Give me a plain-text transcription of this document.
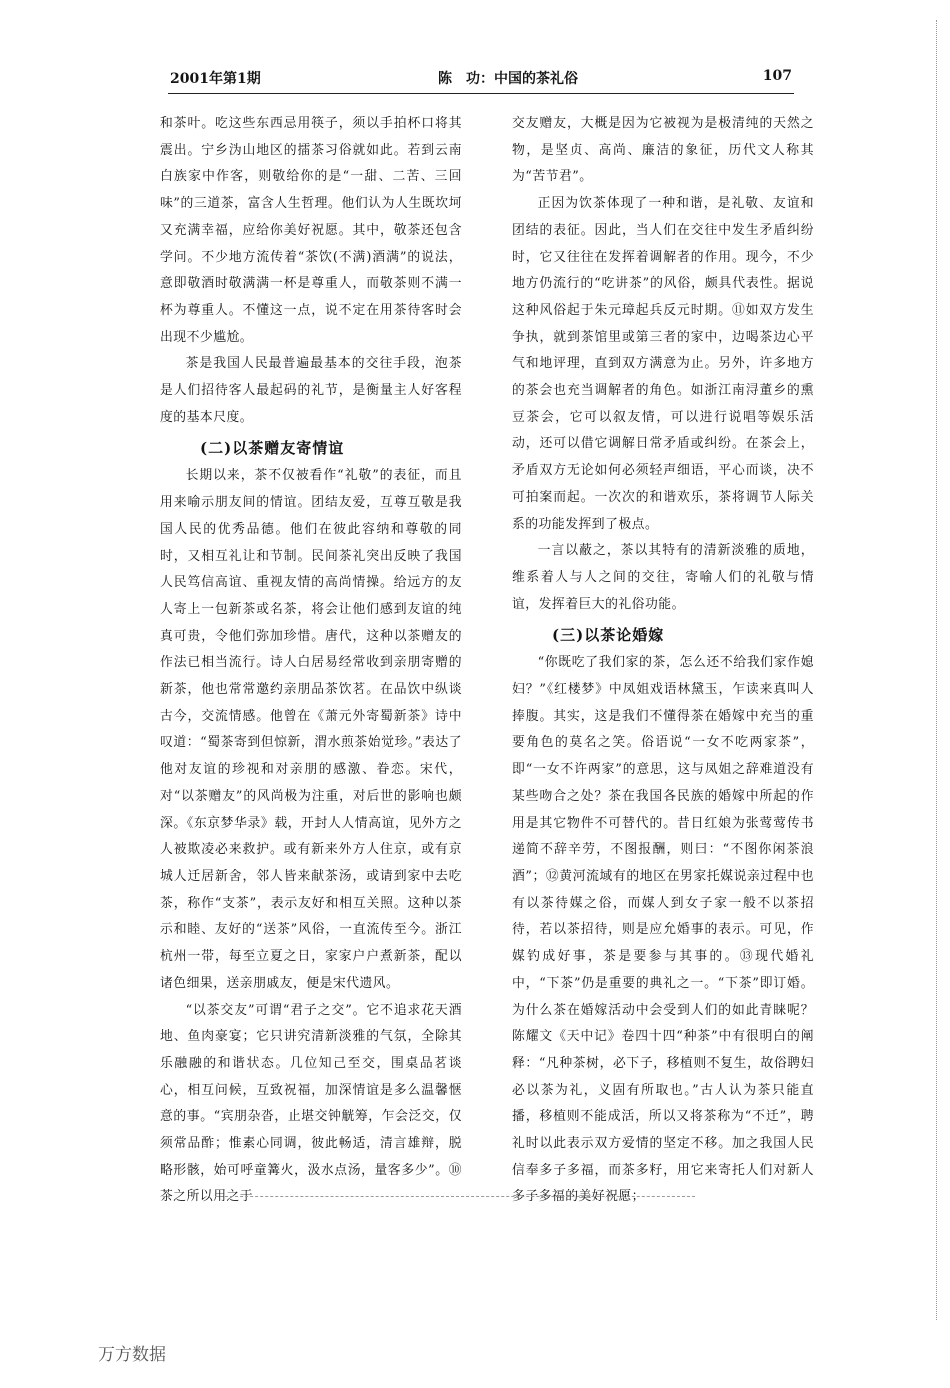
2001年第1期	陈　功：中国的茶礼俗	107

和茶叶。吃这些东西忌用筷子，须以手拍杯口将其震出。宁乡沩山地区的擂茶习俗就如此。若到云南白族家中作客，则敬给你的是“一甜、二苦、三回味”的三道茶，富含人生哲理。他们认为人生既坎坷又充满幸福，应给你美好祝愿。其中，敬茶还包含学问。不少地方流传着“茶饮(不满)酒满”的说法，意即敬酒时敬满满一杯是尊重人，而敬茶则不满一杯为尊重人。不懂这一点，说不定在用茶待客时会出现不少尴尬。

茶是我国人民最普遍最基本的交往手段，泡茶是人们招待客人最起码的礼节，是衡量主人好客程度的基本尺度。

(二)以茶赠友寄情谊

长期以来，茶不仅被看作“礼敬”的表征，而且用来喻示朋友间的情谊。团结友爱，互尊互敬是我国人民的优秀品德。他们在彼此容纳和尊敬的同时，又相互礼让和节制。民间茶礼突出反映了我国人民笃信高谊、重视友情的高尚情操。给远方的友人寄上一包新茶或名茶，将会让他们感到友谊的纯真可贵，令他们弥加珍惜。唐代，这种以茶赠友的作法已相当流行。诗人白居易经常收到亲朋寄赠的新茶，他也常常邀约亲朋品茶饮茗。在品饮中纵谈古今，交流情感。他曾在《萧元外寄蜀新茶》诗中叹道：“蜀茶寄到但惊新，渭水煎茶始觉珍。”表达了他对友谊的珍视和对亲朋的感激、眷恋。宋代，对“以茶赠友”的风尚极为注重，对后世的影响也颇深。《东京梦华录》载，开封人人情高谊，见外方之人被欺凌必来救护。或有新来外方人住京，或有京城人迁居新舍，邻人皆来献茶汤，或请到家中去吃茶，称作“支茶”，表示友好和相互关照。这种以茶示和睦、友好的“送茶”风俗，一直流传至今。浙江杭州一带，每至立夏之日，家家户户煮新茶，配以诸色细果，送亲朋戚友，便是宋代遗风。

“以茶交友”可谓“君子之交”。它不追求花天酒地、鱼肉豪宴；它只讲究清新淡雅的气氛，全除其乐融融的和谐状态。几位知己至交，围桌品茗谈心，相互问候，互致祝福，加深情谊是多么温馨惬意的事。“宾朋杂沓，止堪交钟觥筹，乍会泛交，仅须常品酢；惟素心同调，彼此畅适，清言雄辩，脱略形骸，始可呼童篝火，汲水点汤，量客多少”。⑩茶之所以用之于

交友赠友，大概是因为它被视为是极清纯的天然之物，是坚贞、高尚、廉洁的象征，历代文人称其为“苦节君”。

正因为饮茶体现了一种和谐，是礼敬、友谊和团结的表征。因此，当人们在交往中发生矛盾纠纷时，它又往往在发挥着调解者的作用。现今，不少地方仍流行的“吃讲茶”的风俗，颇具代表性。据说这种风俗起于朱元璋起兵反元时期。⑪如双方发生争执，就到茶馆里或第三者的家中，边喝茶边心平气和地评理，直到双方满意为止。另外，许多地方的茶会也充当调解者的角色。如浙江南浔董乡的熏豆茶会，它可以叙友情，可以进行说唱等娱乐活动，还可以借它调解日常矛盾或纠纷。在茶会上，矛盾双方无论如何必须轻声细语，平心而谈，决不可拍案而起。一次次的和谐欢乐，茶将调节人际关系的功能发挥到了极点。

一言以蔽之，茶以其特有的清新淡雅的质地，维系着人与人之间的交往，寄喻人们的礼敬与情谊，发挥着巨大的礼俗功能。

(三)以茶论婚嫁

“你既吃了我们家的茶，怎么还不给我们家作媳妇？”《红楼梦》中凤姐戏语林黛玉，乍读来真叫人捧腹。其实，这是我们不懂得茶在婚嫁中充当的重要角色的莫名之笑。俗语说“一女不吃两家茶”，即“一女不许两家”的意思，这与凤姐之辞难道没有某些吻合之处？茶在我国各民族的婚嫁中所起的作用是其它物件不可替代的。昔日红娘为张莺莺传书递简不辞辛劳，不图报酬，则曰：“不图你闲茶浪酒”；⑫黄河流域有的地区在男家托媒说亲过程中也有以茶待媒之俗，而媒人到女子家一般不以茶招待，若以茶招待，则是应允婚事的表示。可见，作媒钓成好事，茶是要参与其事的。⑬现代婚礼中，“下茶”仍是重要的典礼之一。“下茶”即订婚。为什么茶在婚嫁活动中会受到人们的如此青睐呢？陈耀文《天中记》卷四十四“种茶”中有很明白的阐释：“凡种茶树，必下子，移植则不复生，故俗聘妇必以茶为礼，义固有所取也。”古人认为茶只能直播，移植则不能成活，所以又将茶称为“不迁”，聘礼时以此表示双方爱情的坚定不移。加之我国人民信奉多子多福，而茶多籽，用它来寄托人们对新人多子多福的美好祝愿；

万方数据
